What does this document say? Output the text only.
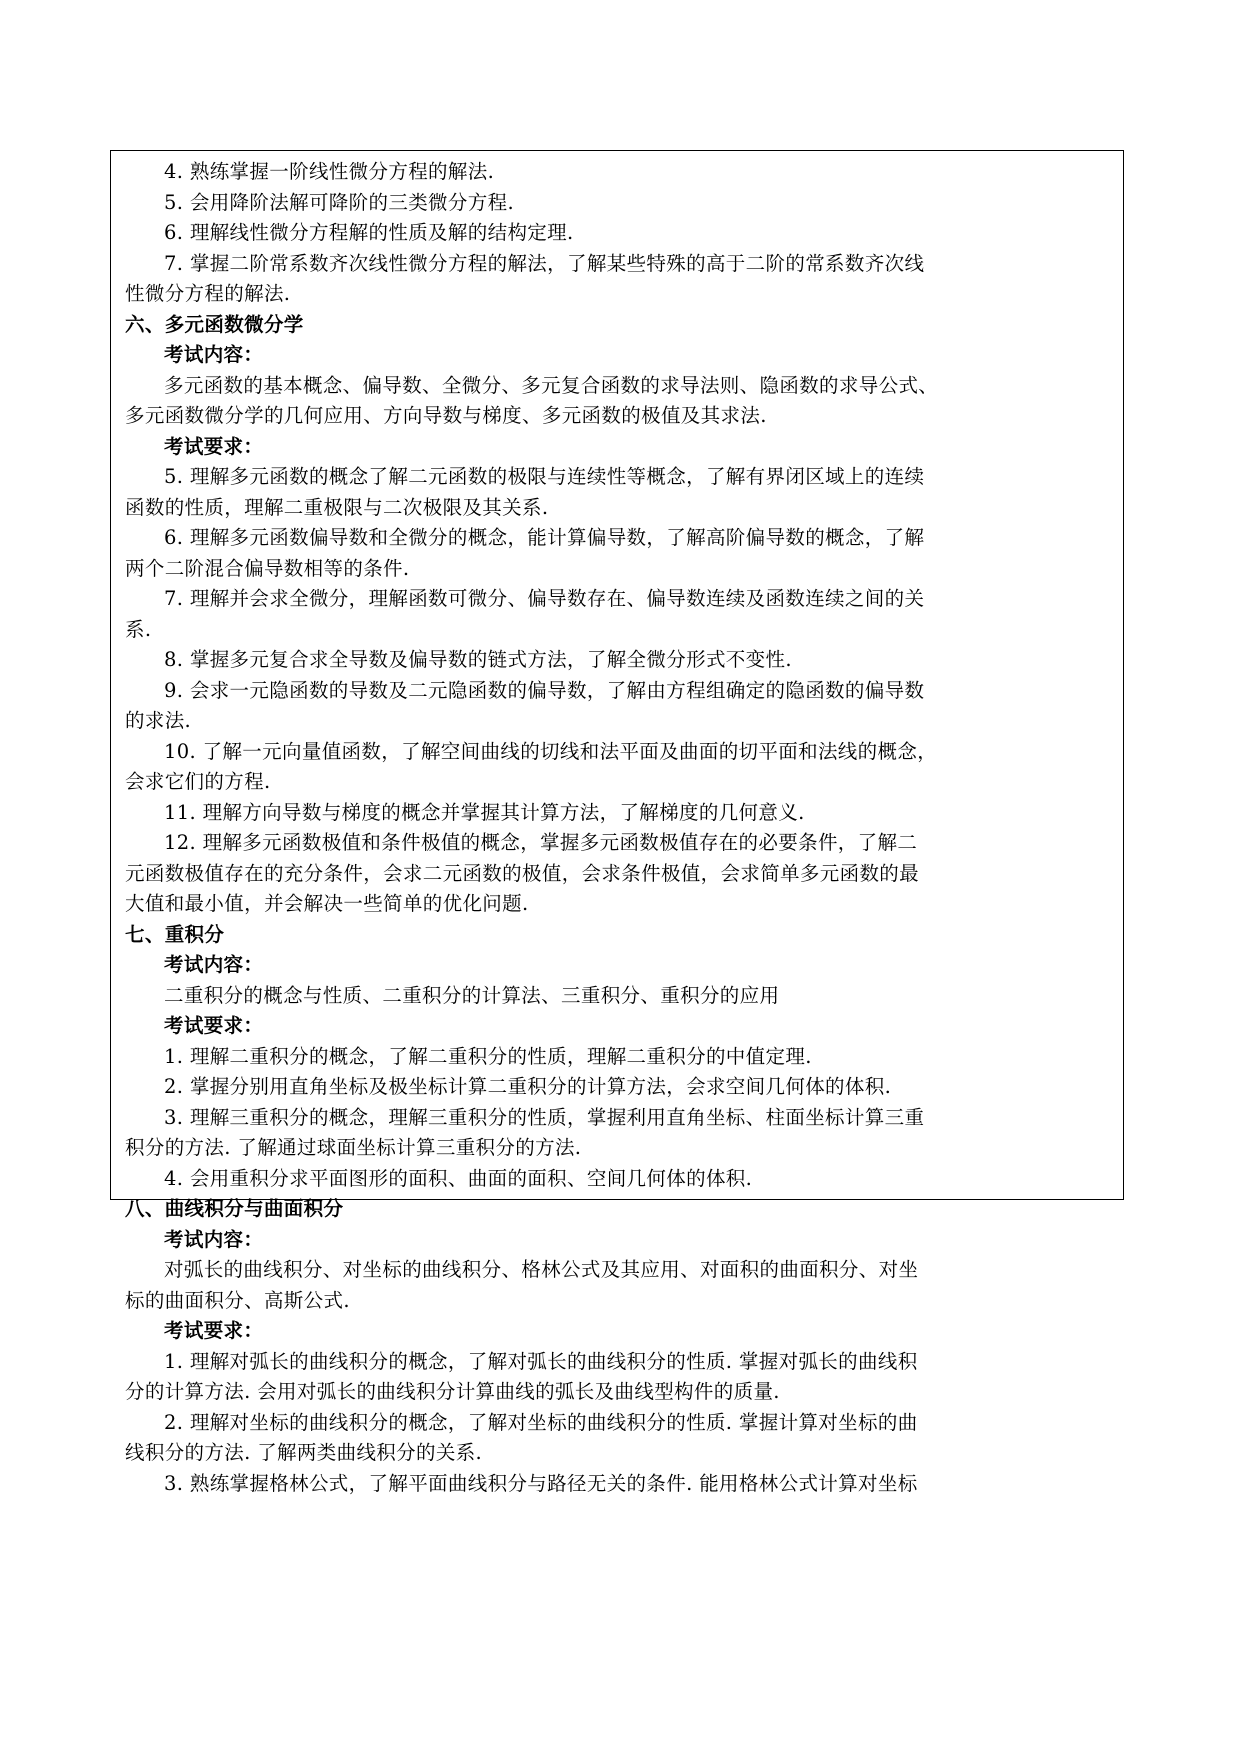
4. 熟练掌握一阶线性微分方程的解法.
5. 会用降阶法解可降阶的三类微分方程.
6. 理解线性微分方程解的性质及解的结构定理.
7. 掌握二阶常系数齐次线性微分方程的解法，了解某些特殊的高于二阶的常系数齐次线
性微分方程的解法.
六、多元函数微分学
考试内容：
多元函数的基本概念、偏导数、全微分、多元复合函数的求导法则、隐函数的求导公式、
多元函数微分学的几何应用、方向导数与梯度、多元函数的极值及其求法.
考试要求：
5. 理解多元函数的概念了解二元函数的极限与连续性等概念，了解有界闭区域上的连续
函数的性质，理解二重极限与二次极限及其关系.
6. 理解多元函数偏导数和全微分的概念，能计算偏导数，了解高阶偏导数的概念，了解
两个二阶混合偏导数相等的条件.
7. 理解并会求全微分，理解函数可微分、偏导数存在、偏导数连续及函数连续之间的关
系.
8. 掌握多元复合求全导数及偏导数的链式方法，了解全微分形式不变性.
9. 会求一元隐函数的导数及二元隐函数的偏导数，了解由方程组确定的隐函数的偏导数
的求法.
10. 了解一元向量值函数，了解空间曲线的切线和法平面及曲面的切平面和法线的概念，
会求它们的方程.
11. 理解方向导数与梯度的概念并掌握其计算方法，了解梯度的几何意义.
12. 理解多元函数极值和条件极值的概念，掌握多元函数极值存在的必要条件，了解二
元函数极值存在的充分条件，会求二元函数的极值，会求条件极值，会求简单多元函数的最
大值和最小值，并会解决一些简单的优化问题.
七、重积分
考试内容：
二重积分的概念与性质、二重积分的计算法、三重积分、重积分的应用
考试要求：
1. 理解二重积分的概念，了解二重积分的性质，理解二重积分的中值定理.
2. 掌握分别用直角坐标及极坐标计算二重积分的计算方法，会求空间几何体的体积.
3. 理解三重积分的概念，理解三重积分的性质，掌握利用直角坐标、柱面坐标计算三重
积分的方法. 了解通过球面坐标计算三重积分的方法.
4. 会用重积分求平面图形的面积、曲面的面积、空间几何体的体积.
八、曲线积分与曲面积分
考试内容：
对弧长的曲线积分、对坐标的曲线积分、格林公式及其应用、对面积的曲面积分、对坐
标的曲面积分、高斯公式.
考试要求：
1. 理解对弧长的曲线积分的概念，了解对弧长的曲线积分的性质. 掌握对弧长的曲线积
分的计算方法. 会用对弧长的曲线积分计算曲线的弧长及曲线型构件的质量.
2. 理解对坐标的曲线积分的概念，了解对坐标的曲线积分的性质. 掌握计算对坐标的曲
线积分的方法. 了解两类曲线积分的关系.
3. 熟练掌握格林公式，了解平面曲线积分与路径无关的条件. 能用格林公式计算对坐标
